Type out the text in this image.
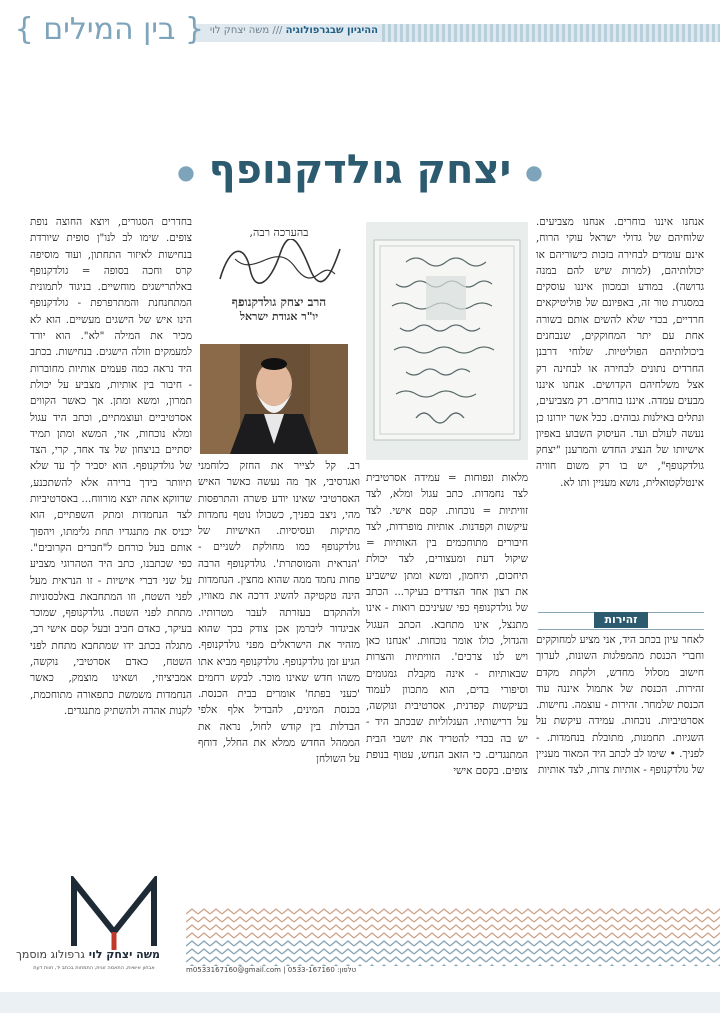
ההיגיון שבגרפולוגיה /// משה יצחק לוי
{ בין המילים }
● יצחק גולדקנופף ●

אנחנו איננו בוחרים. אנחנו מצביעים. שלוחיהם של גדולי ישראל עוקי הרוח, אינם עומדים לבחירה בזכות כישוריהם או יכולותיהם, (למרות שיש להם במנה גדושה). במודע ובמכוון איננו עוסקים במסגרת טור זה, באפיונם של פוליטיקאים חרדיים, בכדי שלא להשים אותם בשורה אחת עם יתר המחוקקים, שנבחנים ביכולותיהם הפוליטיות. שלוחי דרבנן החרדים נתונים לבחירה או לבחינה רק אצל משלחיהם הקדושים. אנחנו איננו מבעים עמדה. איננו בוחרים. רק מצביעים, ונתלים באילנות גבוהים. ככל אשר יורונו כן נעשה לעולם ועד. העיסוק השבוע באפיון אישיותו של הנציג החדש והמרענן "יצחק גולדקנופף", יש בו רק משום חוויה אינטלקטואלית, נושא מעניין ותו לא.

זהירות

לאחר עיון בכתב היד, אני מציע למחוקקים וחברי הכנסת מהמפלגות השונות, לערוך חישוב מסלול מחדש, ולקחת מקדם זהירות. הכנסת של אתמול איננה עוד הכנסת שלמחר. זהירות - עוצמה. נחישות. אסרטיביות. נוכחות. עמידה עיקשת על השגיות. תחמנות, מתובלת בנחמדות. - לפניך. • שימו לב לכתב היד המאוד מעניין של גולדקנופף - אותיות צרות, לצד אותיות

מלאות ונפוחות = עמידה אסרטיבית לצד נחמדות. כתב עגול ומלא, לצד זוויתיות = נוכחות. קסם אישי. לצד עיקשות וקפדנות. אותיות מופרדות, לצד חיבורים מתוחכמים בין האותיות = שיקול דעת ומעצורים, לצד יכולת תיחכום, תיחמון, ומשא ומתן שישביע את רצון אחד הצדדים בעיקר... הכתב של גולדקנופף כפי שעיניכם רואות - אינו מתנצל, אינו מתחבא. הכתב העגול והגדול, כולו אומר נוכחות. 'אנחנו כאן ויש לנו צרכים'. הזוויתיות והצרות שבאותיות - אינה מקבלת גמגומים וסיפורי בדים, הוא מתכוון לעמוד בעיקשות קפדנית, אסרטיבית ונוקשה, על דרישותיו. העגלוליות שבכתב היד - יש בה בכדי להטריד את יושבי הבית המתנגדים. כי הזאב הנחש, עטוף בנופת צופים. בקסם אישי

בהערכה רבה,
הרב יצחק גולדקנופף
יו"ר אגודת ישראל

רב. קל לצייר את החזק כלוחמני ואגרסיבי, אך מה נעשה כאשר האיש האסרטיבי שאינו יודע פשרה והתרפסות מהי, ניצב בפניך, כשכולו נוטף נחמדות מתיקות ועסיסיות. האישיות של גולדקנופף כמו מחולקת לשניים - 'הנראית והמוסתרת'. גולדקנופף הרבה פחות נחמד ממה שהוא מחצין. הנחמדות הינה טקטיקה להשיג דרכה את מאוויו, ולהתקדם בעזרתה לעבר מטרותיו. אביגדור ליברמן אכן צודק בכך שהוא מזהיר את הישראלים מפני גולדקנופף. הגיע זמן גולדקנופף. גולדקנופף מביא אתו משהו חדש שאינו מוכר. לבקש רחמים 'כעני בפתח' אומרים בבית הכנסת. בכנסת המינים, להבדיל אלף אלפי הבדלות בין קודש לחול, נראה את הממהל החדש ממלא את החלל, דוחף על השולחן

בחדרים הסגורים, ויוצא החוצה נופת צופים. שימו לב לנו"ן סופית שיורדת בנחישות לאיזור התחתון, ועוד מוסיפה קרס וחכה בסופה = גולדקנופף באלתרישגים מוחשיים. בניגוד לתמונית המתחנחנת והמתרפרפת - גולדקנופף הינו איש של הישגים מעשיים. הוא לא מכיר את המילה "לא". הוא יורד למעמקים וזולה הישגים. בנחישות. בכתב היד נראה כמה פעמים אותיות מחוברות - חיבור בין אותיות, מצביע על יכולת תמרון, ומשא ומתן. אך כאשר הקווים אסרטיביים ועוצמתיים, וכתב היד עגול ומלא נוכחות, אזי, המשא ומתן תמיד יסתיים בניצחון של צד אחד, קרי, הצד של גולדקנופף. הוא יסביר לך עד שלא תיוותר בידך ברירה אלא להשתכנע, שדווקא אתה יוצא מורווח... באסרטיביות לצד הנחמדות ומתק השפתיים, הוא יכניס את מתנגדיו תחת גלימתו, ויהפוך אותם בעל כורחם ל"חברים הקרובים". כפי שכתבנו, כתב היד הטהרוגי מצביע על שני דברי אישיות - זו הנראית מעל לפני השטח, וזו המתחבאת באלכסוניות מתחת לפני השטח. גולדקנופף, שמוכר בעיקר, כאדם חביב ובעל קסם אישי רב, מתגלה בכתב ידו שמתחבא מתחת לפני השטח, כאדם אסרטיבי, נוקשה, אמביציוזי, ושאינו מוצמק, כאשר הנחמדות משמשת כתפאורה מתוחכמת, לקנות אהדה ולהשתיק מתנגדים.

M
משה יצחק לוי גרפולוג מוסמך
אבחון אישיות, התאמה זוגית, התמחות בכתב יד, חוות דעת	m0533167160@gmail.com | טלפון: 0533-167160
